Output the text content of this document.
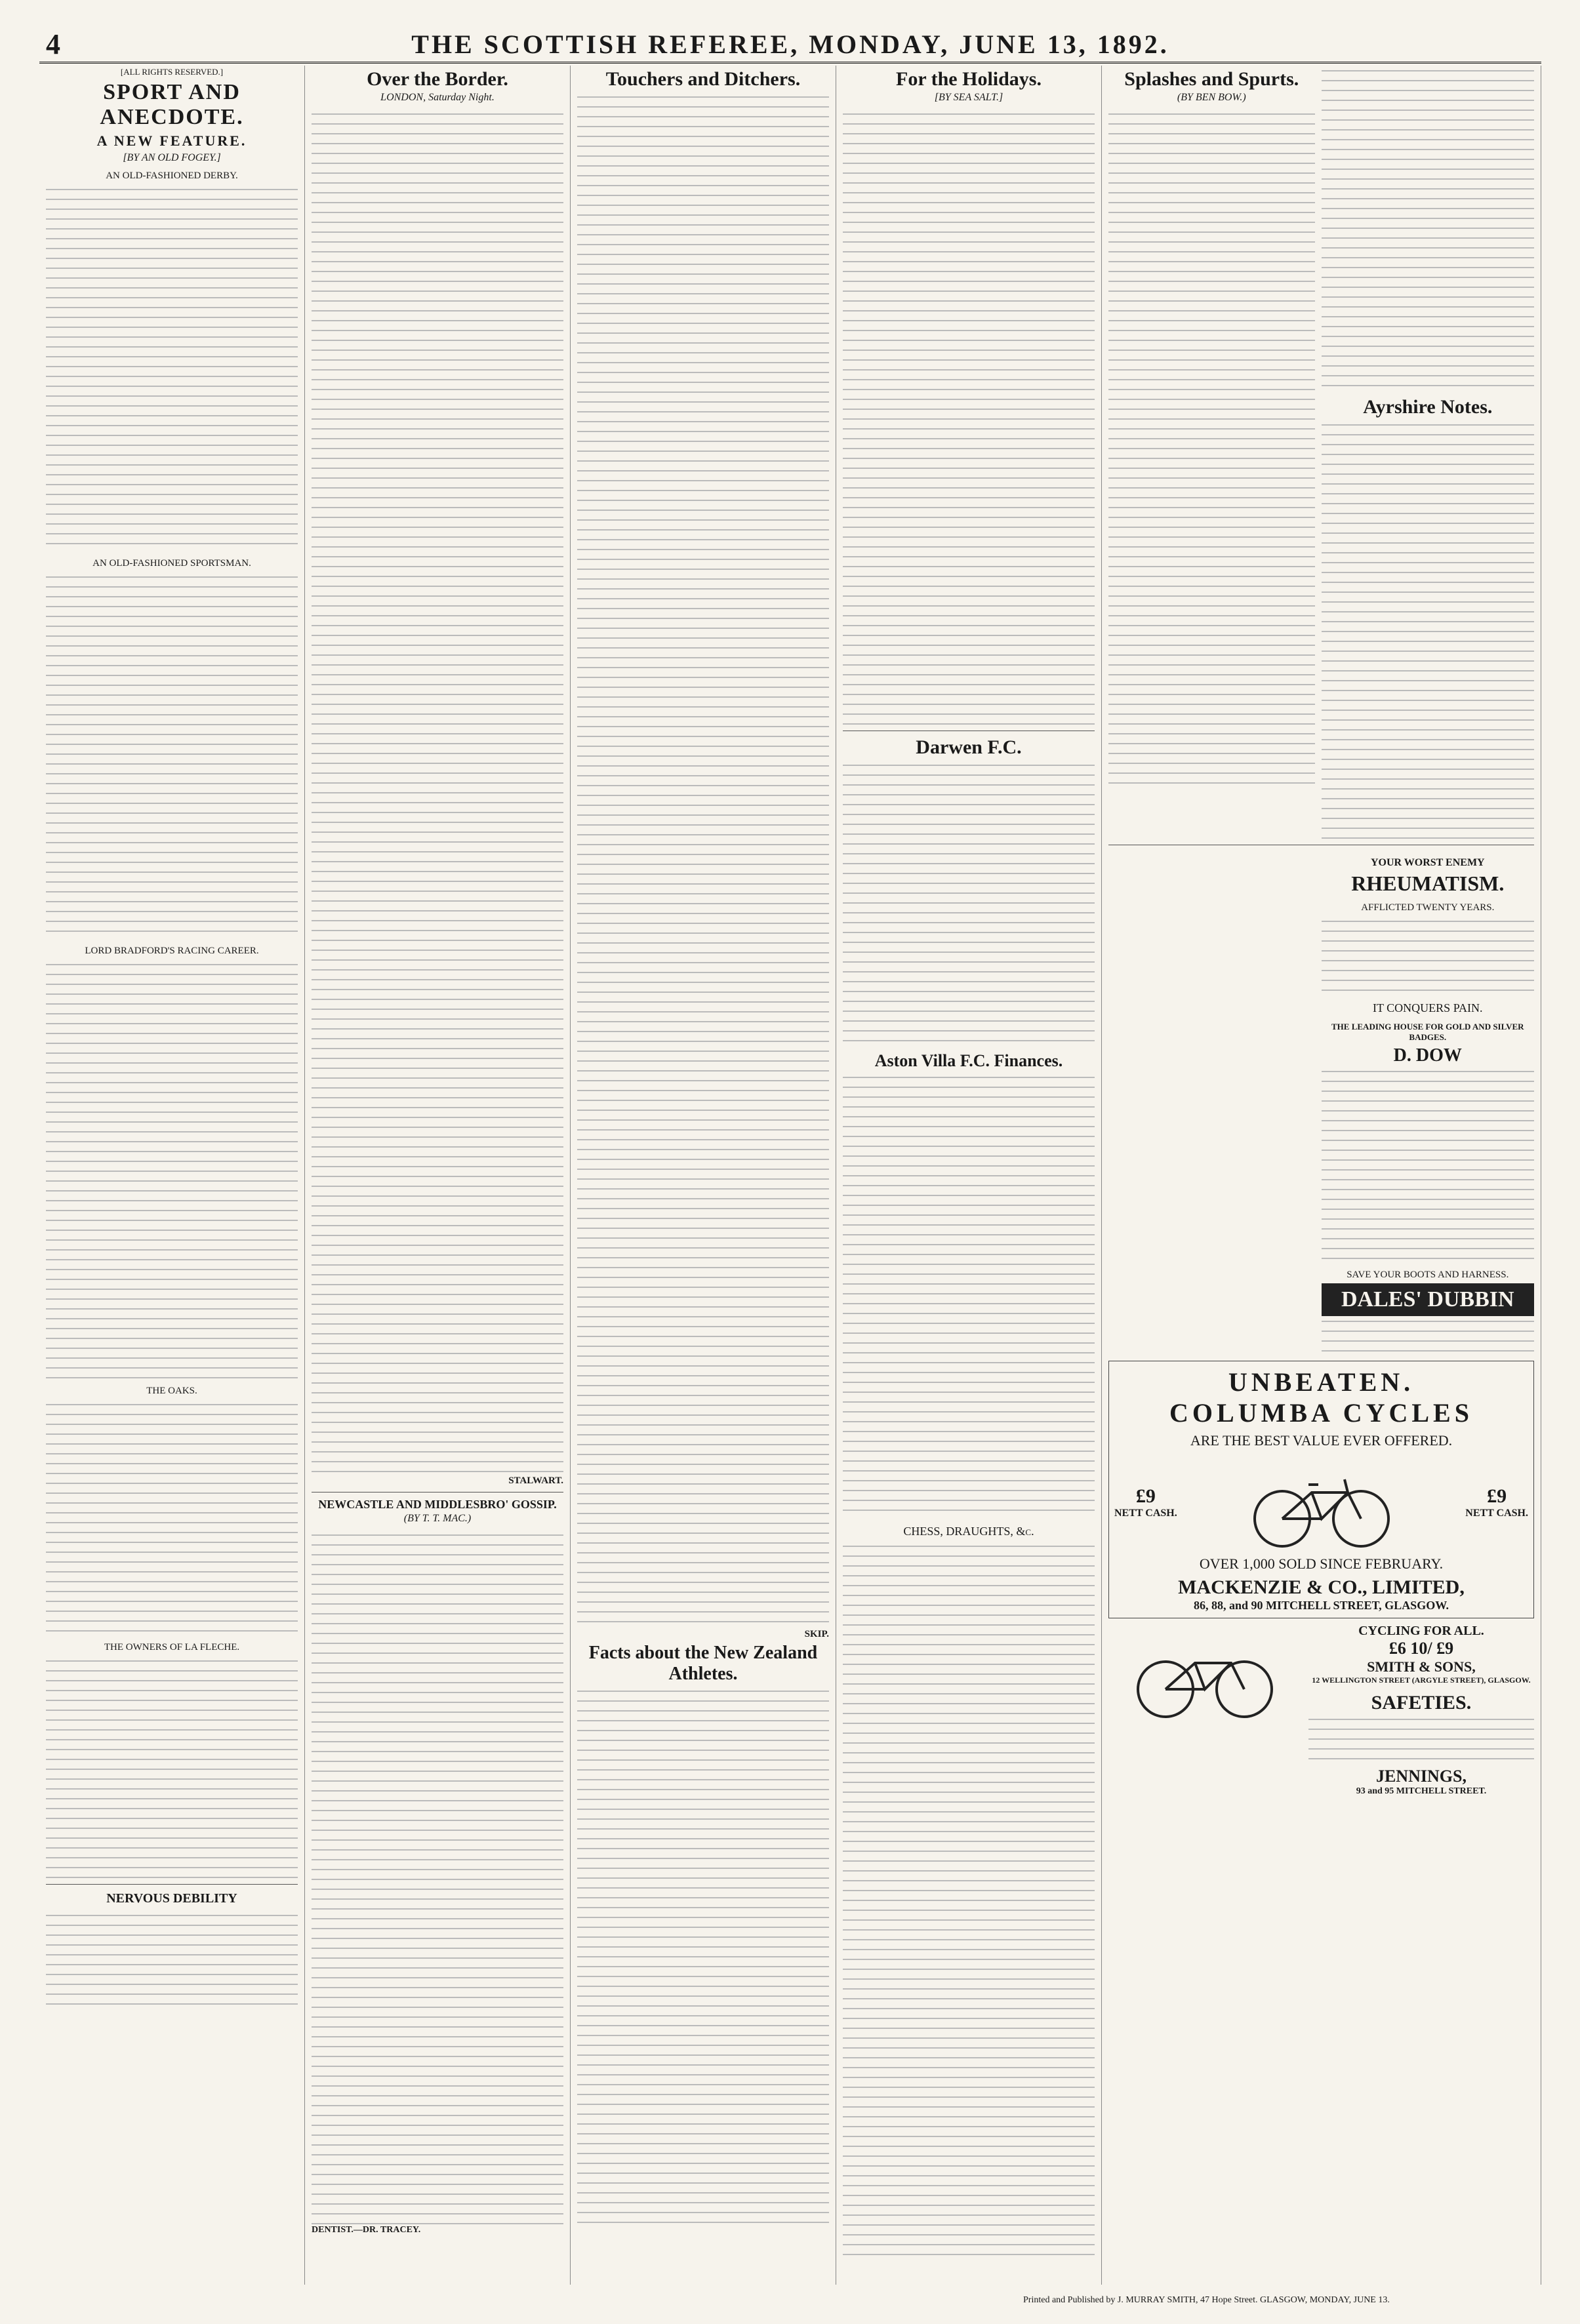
4	THE SCOTTISH REFEREE, MONDAY, JUNE 13, 1892.
[ALL RIGHTS RESERVED.]
SPORT AND ANECDOTE.
A NEW FEATURE.
[BY AN OLD FOGEY.]
AN OLD-FASHIONED DERBY.
AN OLD-FASHIONED SPORTSMAN.
LORD BRADFORD'S RACING CAREER.
THE OAKS.
THE OWNERS OF LA FLECHE.
NERVOUS DEBILITY
Over the Border.
LONDON, Saturday Night.
STALWART.
NEWCASTLE AND MIDDLESBRO' GOSSIP.
(BY T. T. MAC.)
DENTIST.—DR. TRACEY.
Touchers and Ditchers.
SKIP.
Facts about the New Zealand Athletes.
For the Holidays.
[BY SEA SALT.]
Darwen F.C.
Aston Villa F.C. Finances.
CHESS, DRAUGHTS, &c.
Splashes and Spurts.
(BY BEN BOW.)
Ayrshire Notes.
YOUR WORST ENEMY
RHEUMATISM.
AFFLICTED TWENTY YEARS.
IT CONQUERS PAIN.
THE LEADING HOUSE FOR GOLD AND SILVER BADGES.
D. DOW
SAVE YOUR BOOTS AND HARNESS.
DALES' DUBBIN
UNBEATEN.
COLUMBA CYCLES
ARE THE BEST VALUE EVER OFFERED.
£9
NETT CASH.
£9
NETT CASH.
OVER 1,000 SOLD SINCE FEBRUARY.
MACKENZIE & CO., LIMITED,
86, 88, and 90 MITCHELL STREET, GLASGOW.
CYCLING FOR ALL.
£6 10/ £9
SMITH & SONS,
12 WELLINGTON STREET (ARGYLE STREET), GLASGOW.
SAFETIES.
JENNINGS,
93 and 95 MITCHELL STREET.
Printed and Published by J. MURRAY SMITH, 47 Hope Street. GLASGOW, MONDAY, JUNE 13.
